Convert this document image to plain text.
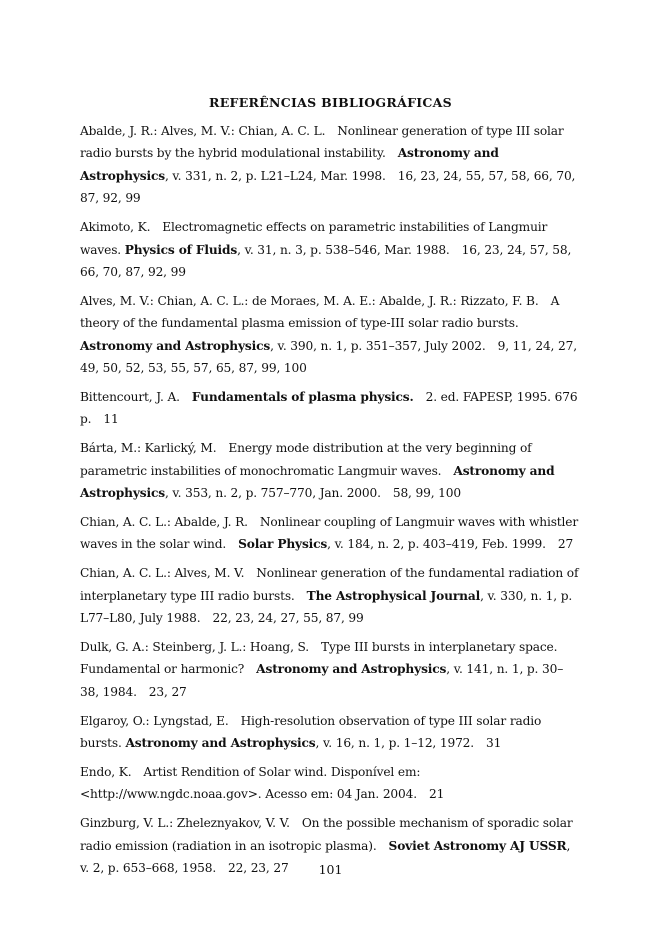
REFERÊNCIAS BIBLIOGRÁFICAS
Abalde, J. R.: Alves, M. V.: Chian, A. C. L. Nonlinear generation of type III solar radio bursts by the hybrid modulational instability. Astronomy and Astrophysics, v. 331, n. 2, p. L21–L24, Mar. 1998. 16, 23, 24, 55, 57, 58, 66, 70, 87, 92, 99
Akimoto, K. Electromagnetic effects on parametric instabilities of Langmuir waves. Physics of Fluids, v. 31, n. 3, p. 538–546, Mar. 1988. 16, 23, 24, 57, 58, 66, 70, 87, 92, 99
Alves, M. V.: Chian, A. C. L.: de Moraes, M. A. E.: Abalde, J. R.: Rizzato, F. B. A theory of the fundamental plasma emission of type-III solar radio bursts. Astronomy and Astrophysics, v. 390, n. 1, p. 351–357, July 2002. 9, 11, 24, 27, 49, 50, 52, 53, 55, 57, 65, 87, 99, 100
Bittencourt, J. A. Fundamentals of plasma physics. 2. ed. FAPESP, 1995. 676 p. 11
Bárta, M.: Karlický, M. Energy mode distribution at the very beginning of parametric instabilities of monochromatic Langmuir waves. Astronomy and Astrophysics, v. 353, n. 2, p. 757–770, Jan. 2000. 58, 99, 100
Chian, A. C. L.: Abalde, J. R. Nonlinear coupling of Langmuir waves with whistler waves in the solar wind. Solar Physics, v. 184, n. 2, p. 403–419, Feb. 1999. 27
Chian, A. C. L.: Alves, M. V. Nonlinear generation of the fundamental radiation of interplanetary type III radio bursts. The Astrophysical Journal, v. 330, n. 1, p. L77–L80, July 1988. 22, 23, 24, 27, 55, 87, 99
Dulk, G. A.: Steinberg, J. L.: Hoang, S. Type III bursts in interplanetary space. Fundamental or harmonic? Astronomy and Astrophysics, v. 141, n. 1, p. 30–38, 1984. 23, 27
Elgaroy, O.: Lyngstad, E. High-resolution observation of type III solar radio bursts. Astronomy and Astrophysics, v. 16, n. 1, p. 1–12, 1972. 31
Endo, K. Artist Rendition of Solar wind. Disponível em: <http://www.ngdc.noaa.gov>. Acesso em: 04 Jan. 2004. 21
Ginzburg, V. L.: Zheleznyakov, V. V. On the possible mechanism of sporadic solar radio emission (radiation in an isotropic plasma). Soviet Astronomy AJ USSR, v. 2, p. 653–668, 1958. 22, 23, 27	101
